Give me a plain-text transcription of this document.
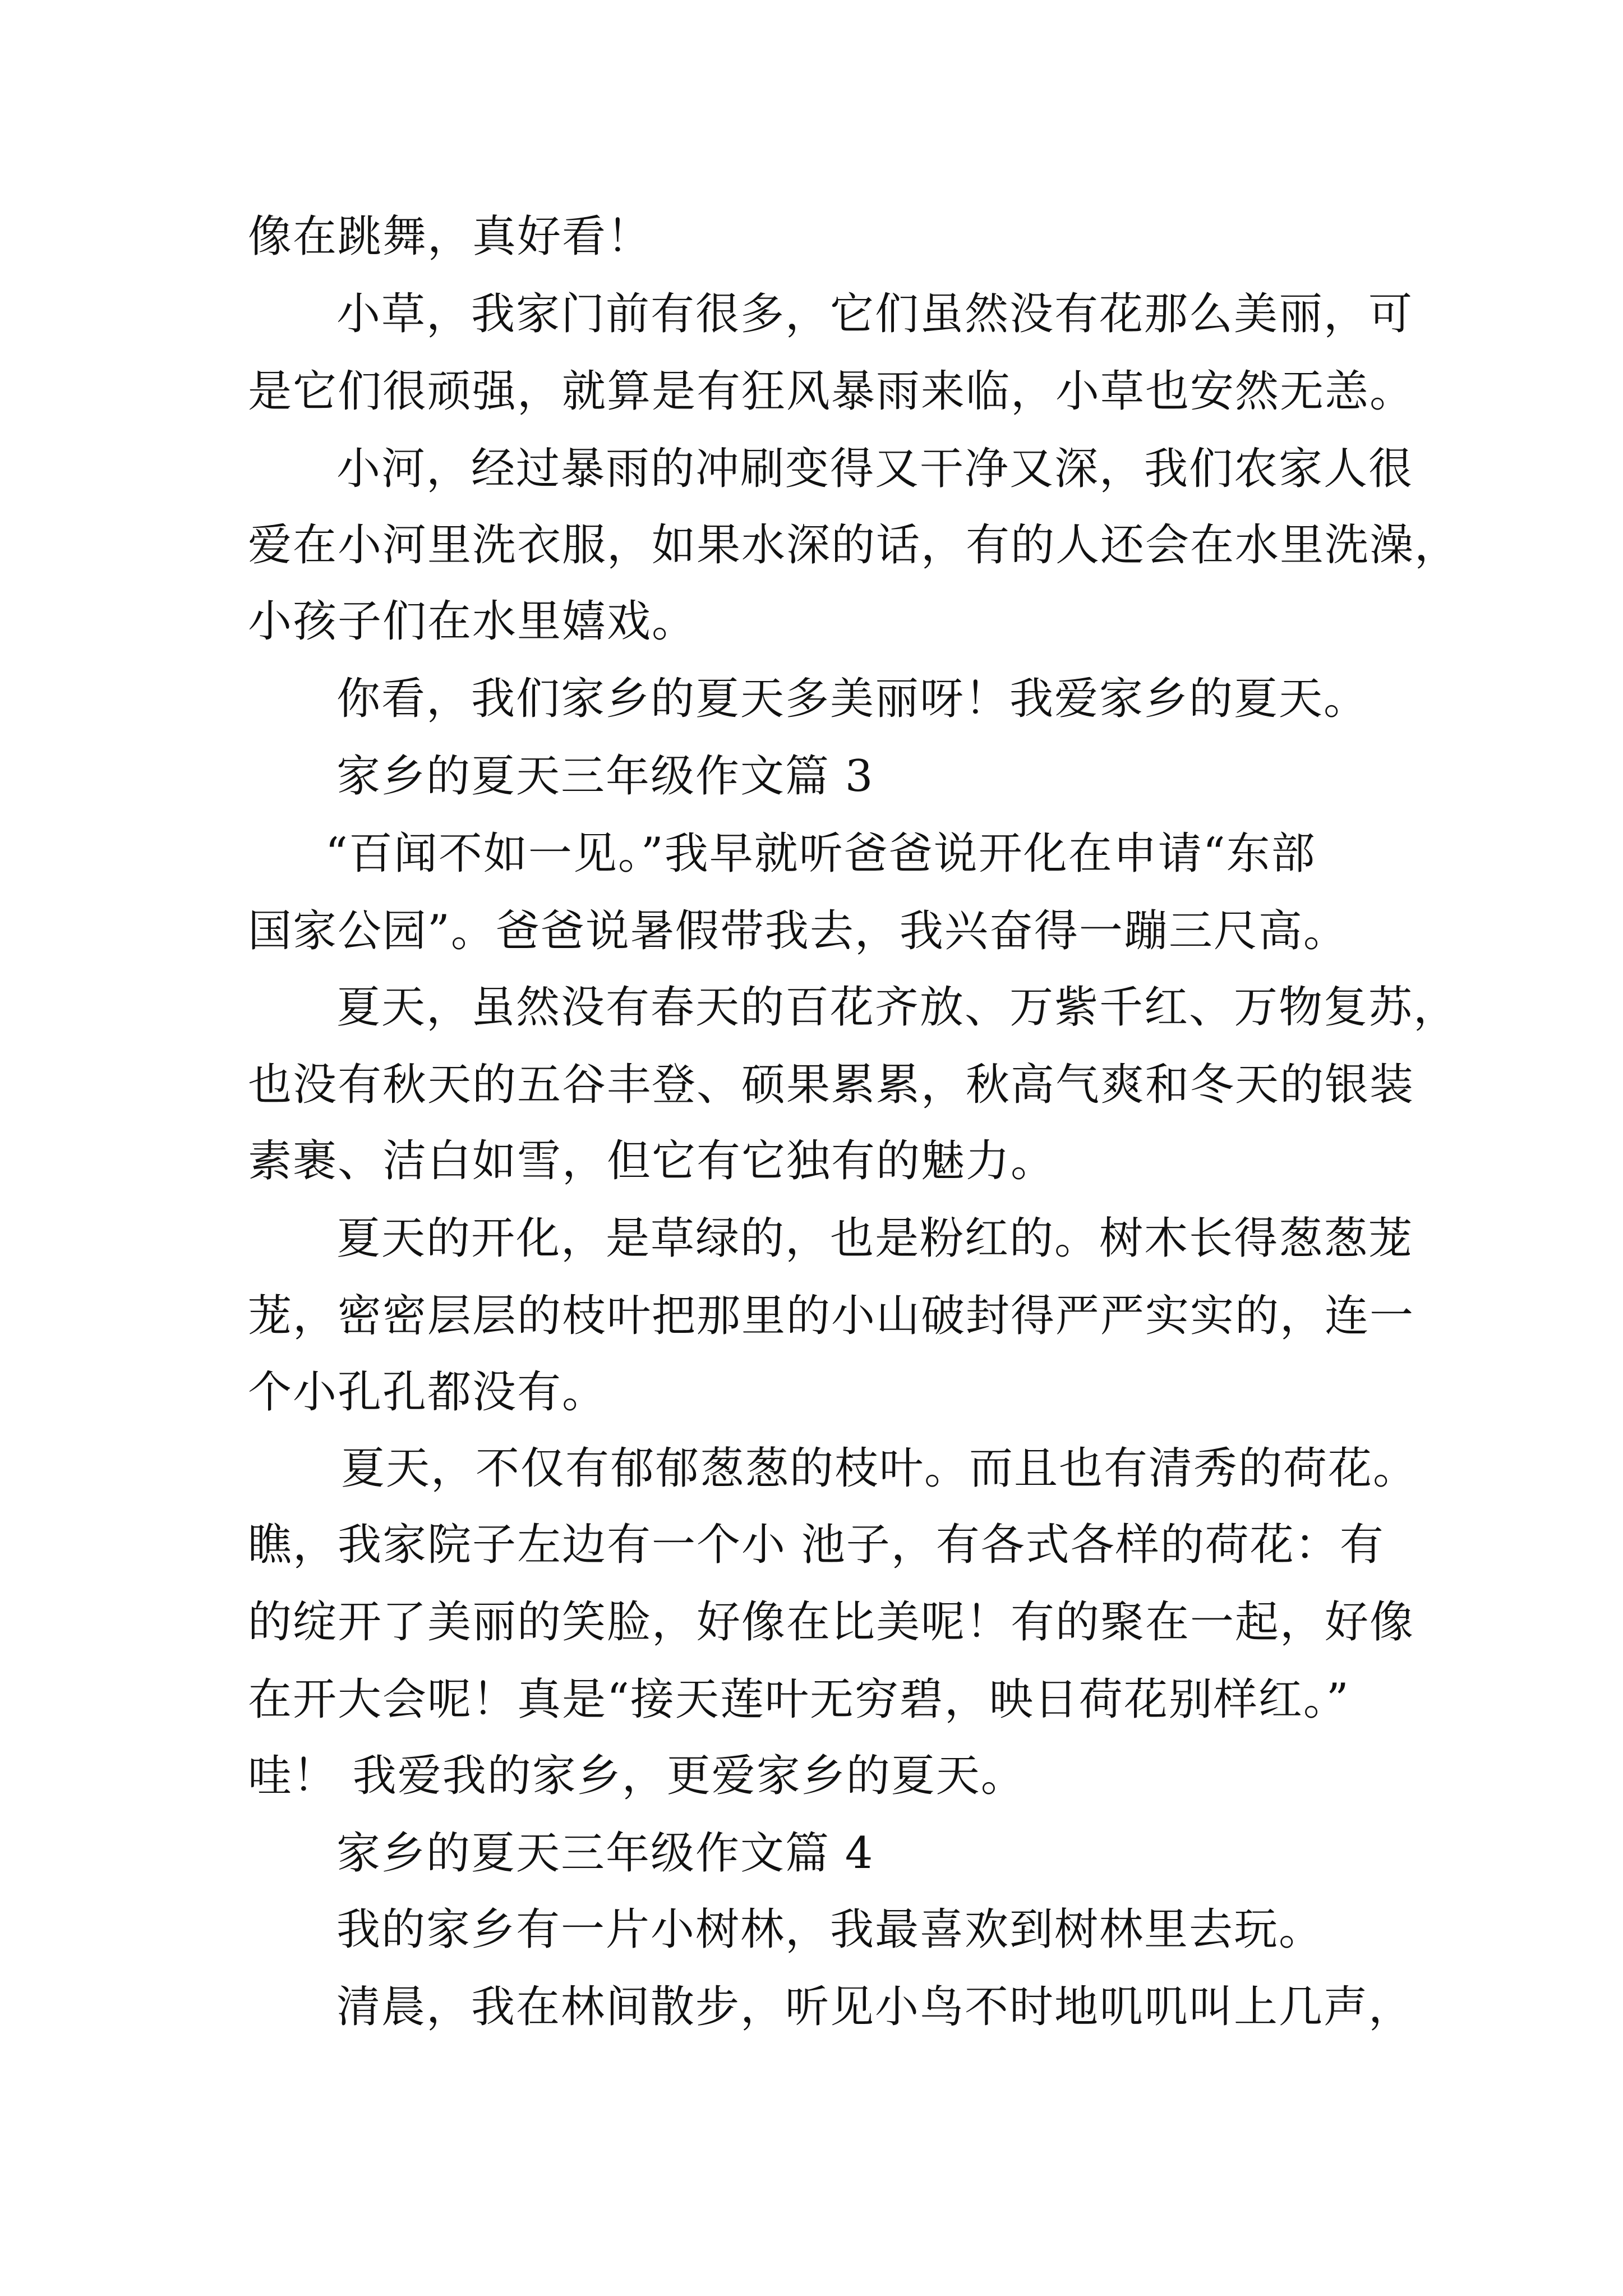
像在跳舞，真好看！
小草，我家门前有很多，它们虽然没有花那么美丽，可
是它们很顽强，就算是有狂风暴雨来临，小草也安然无恙。
小河，经过暴雨的冲刷变得又干净又深，我们农家人很
爱在小河里洗衣服，如果水深的话，有的人还会在水里洗澡，
小孩子们在水里嬉戏。
你看，我们家乡的夏天多美丽呀！我爱家乡的夏天。
家乡的夏天三年级作文篇 3
“百闻不如一见。”我早就听爸爸说开化在申请“东部
国家公园”。爸爸说暑假带我去，我兴奋得一蹦三尺高。
夏天，虽然没有春天的百花齐放、万紫千红、万物复苏，
也没有秋天的五谷丰登、硕果累累，秋高气爽和冬天的银装
素裹、洁白如雪，但它有它独有的魅力。
夏天的开化，是草绿的，也是粉红的。树木长得葱葱茏
茏，密密层层的枝叶把那里的小山破封得严严实实的，连一
个小孔孔都没有。
夏天，不仅有郁郁葱葱的枝叶。而且也有清秀的荷花。
瞧，我家院子左边有一个小 池子，有各式各样的荷花：有
的绽开了美丽的笑脸，好像在比美呢！有的聚在一起，好像
在开大会呢！真是“接天莲叶无穷碧，映日荷花别样红。”
哇！ 我爱我的家乡，更爱家乡的夏天。
家乡的夏天三年级作文篇 4
我的家乡有一片小树林，我最喜欢到树林里去玩。
清晨，我在林间散步，听见小鸟不时地叽叽叫上几声，
